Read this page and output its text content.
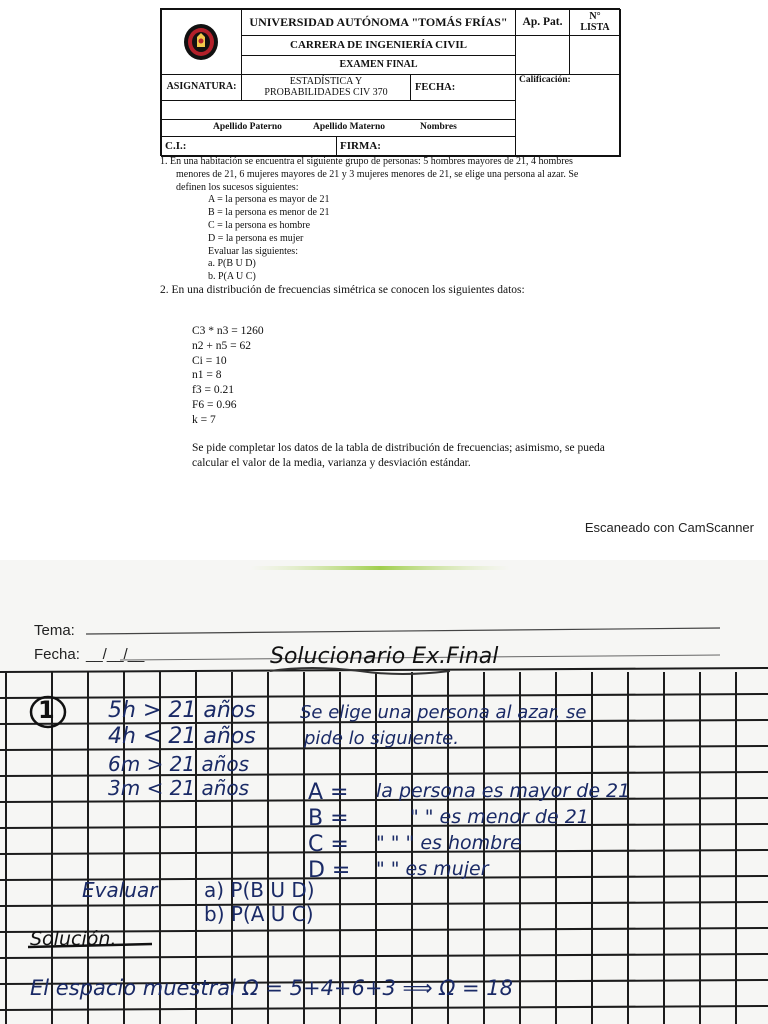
UNIVERSIDAD AUTÓNOMA "TOMÁS FRÍAS"
CARRERA DE INGENIERÍA CIVIL
EXAMEN FINAL
Ap. Pat.	N° LISTA
ASIGNATURA:	ESTADÍSTICA Y PROBABILIDADES CIV 370	FECHA:
Calificación:
Apellido Paterno	Apellido Materno	Nombres
C.I.:	FIRMA:

1. En una habitación se encuentra el siguiente grupo de personas: 5 hombres mayores de 21, 4 hombres

menores de 21, 6 mujeres mayores de 21 y 3 mujeres menores de 21, se elige una persona al azar. Se

definen los sucesos siguientes:

A = la persona es mayor de 21

B = la persona es menor de 21

C = la persona es hombre

D = la persona es mujer

Evaluar las siguientes:

a. P(B U D)

b. P(A U C)

2. En una distribución de frecuencias simétrica se conocen los siguientes datos:

C3 * n3 = 1260
n2 + n5 = 62
Ci = 10
n1 = 8
f3 = 0.21
F6 = 0.96
k = 7
Se pide completar los datos de la tabla de distribución de frecuencias; asimismo, se pueda calcular el valor de la media, varianza y desviación estándar.
Escaneado con CamScanner
Tema:
Fecha: __/__/__	Solucionario Ex.Final
1 5h > 21 años
4h < 21 años
6m > 21 años
3m < 21 años
Se elige una persona al azar, se
pide lo siguiente.
A = la persona es mayor de 21
B =	" " es menor de 21
C = " " " es hombre
D = " " es mujer
Evaluar a) P(B U D)
b) P(A U C)
Solución.
El espacio muestral Ω = 5+4+6+3 ⟹ Ω = 18
